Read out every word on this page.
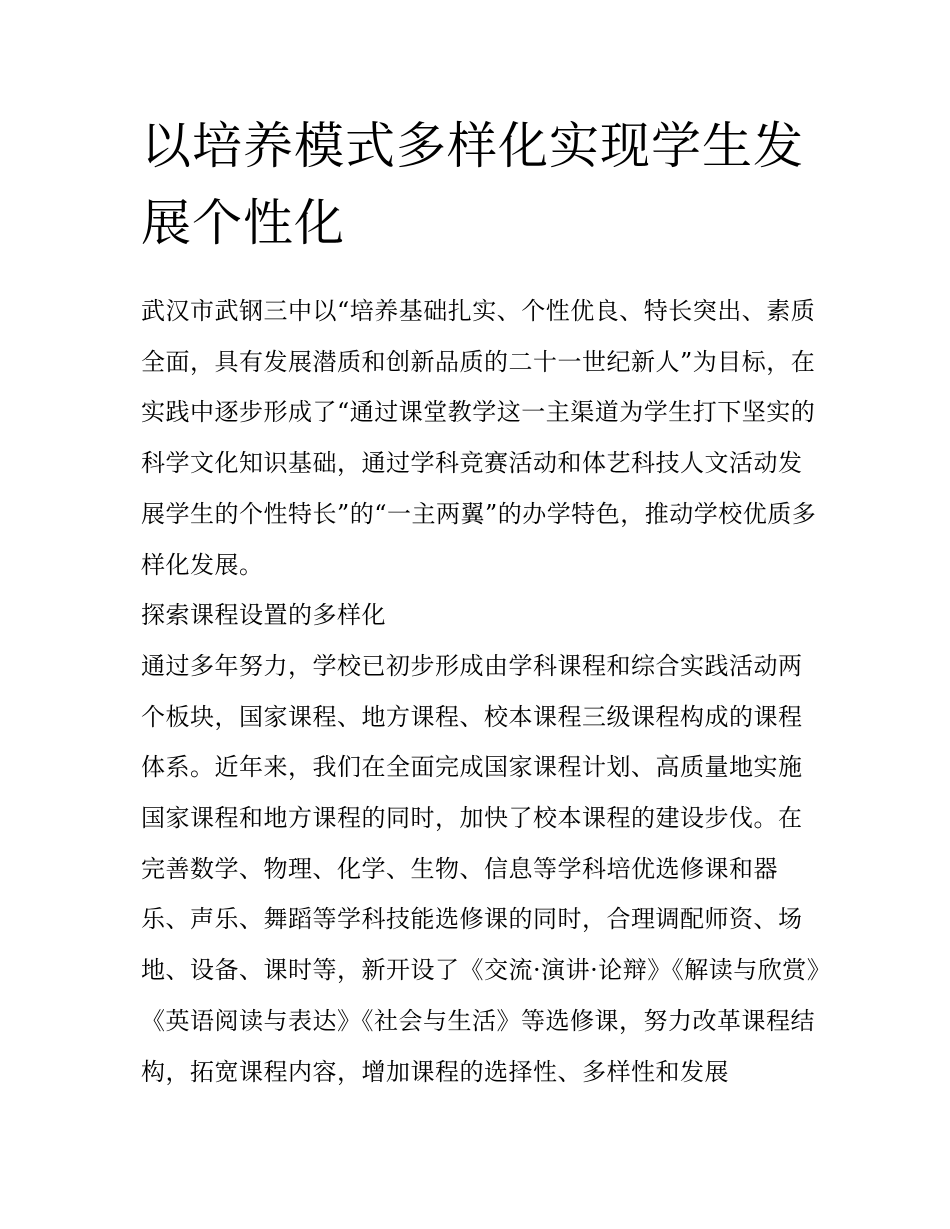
以培养模式多样化实现学生发展个性化

武汉市武钢三中以“培养基础扎实、个性优良、特长突出、素质全面，具有发展潜质和创新品质的二十一世纪新人”为目标，在实践中逐步形成了“通过课堂教学这一主渠道为学生打下坚实的科学文化知识基础，通过学科竞赛活动和体艺科技人文活动发展学生的个性特长”的“一主两翼”的办学特色，推动学校优质多样化发展。

探索课程设置的多样化

通过多年努力，学校已初步形成由学科课程和综合实践活动两个板块，国家课程、地方课程、校本课程三级课程构成的课程体系。近年来，我们在全面完成国家课程计划、高质量地实施国家课程和地方课程的同时，加快了校本课程的建设步伐。在完善数学、物理、化学、生物、信息等学科培优选修课和器乐、声乐、舞蹈等学科技能选修课的同时，合理调配师资、场地、设备、课时等，新开设了《交流·演讲·论辩》《解读与欣赏》《英语阅读与表达》《社会与生活》等选修课，努力改革课程结构，拓宽课程内容，增加课程的选择性、多样性和发展
